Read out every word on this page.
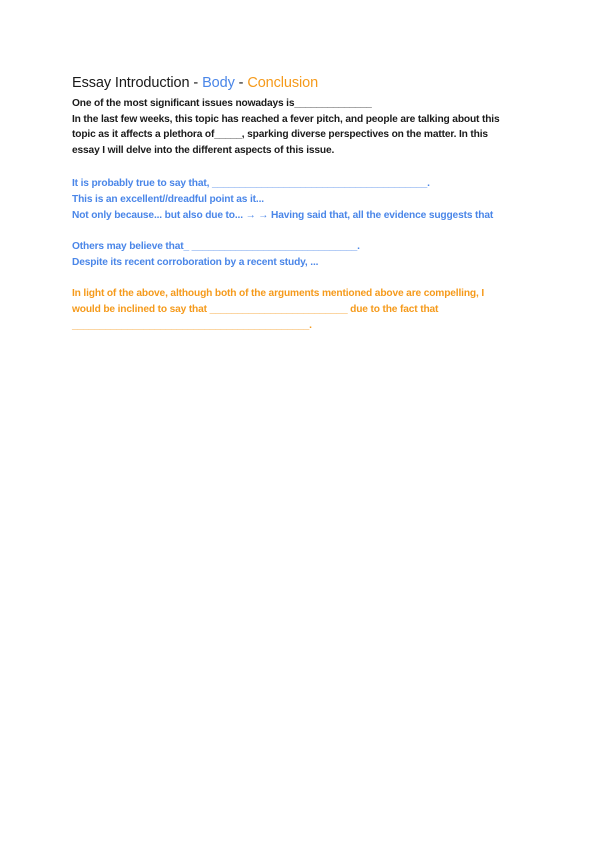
Essay Introduction - Body - Conclusion
One of the most significant issues nowadays is______________
In the last few weeks, this topic has reached a fever pitch, and people are talking about this
topic as it affects a plethora of_____, sparking diverse perspectives on the matter. In this
essay I will delve into the different aspects of this issue.
It is probably true to say that, _______________________________________.
This is an excellent//dreadful point as it...
Not only because... but also due to... → → Having said that, all the evidence suggests that
Others may believe that_ ______________________________.
Despite its recent corroboration by a recent study, ...
In light of the above, although both of the arguments mentioned above are compelling, I
would be inclined to say that _________________________ due to the fact that
___________________________________________.
